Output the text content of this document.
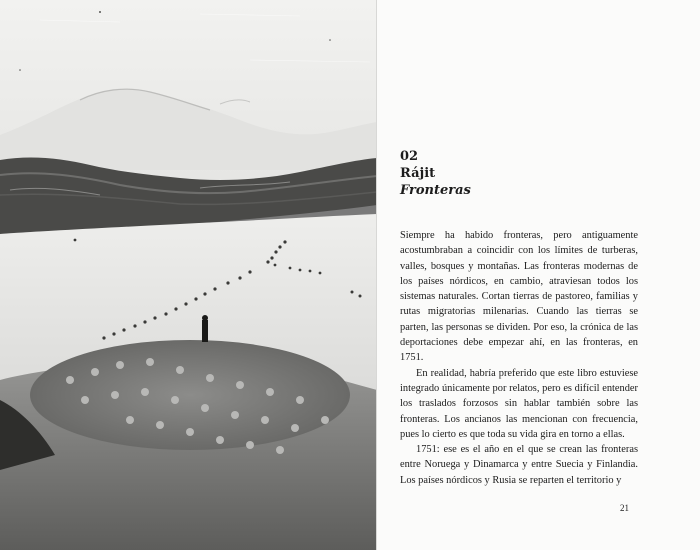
02
Rájit
Fronteras

Siempre ha habido fronteras, pero antiguamente acostumbraban a coincidir con los límites de turberas, valles, bosques y montañas. Las fronteras modernas de los países nórdicos, en cambio, atraviesan todos los sistemas naturales. Cortan tierras de pastoreo, familias y rutas migratorias milenarias. Cuando las tierras se parten, las personas se dividen. Por eso, la crónica de las deportaciones debe empezar ahí, en las fronteras, en 1751.

En realidad, habría preferido que este libro estuviese integrado únicamente por relatos, pero es difícil entender los traslados forzosos sin hablar también sobre las fronteras. Los ancianos las mencionan con frecuencia, pues lo cierto es que toda su vida gira en torno a ellas.

1751: ese es el año en el que se crean las fronteras entre Noruega y Dinamarca y entre Suecia y Finlandia. Los países nórdicos y Rusia se reparten el territorio y

21
